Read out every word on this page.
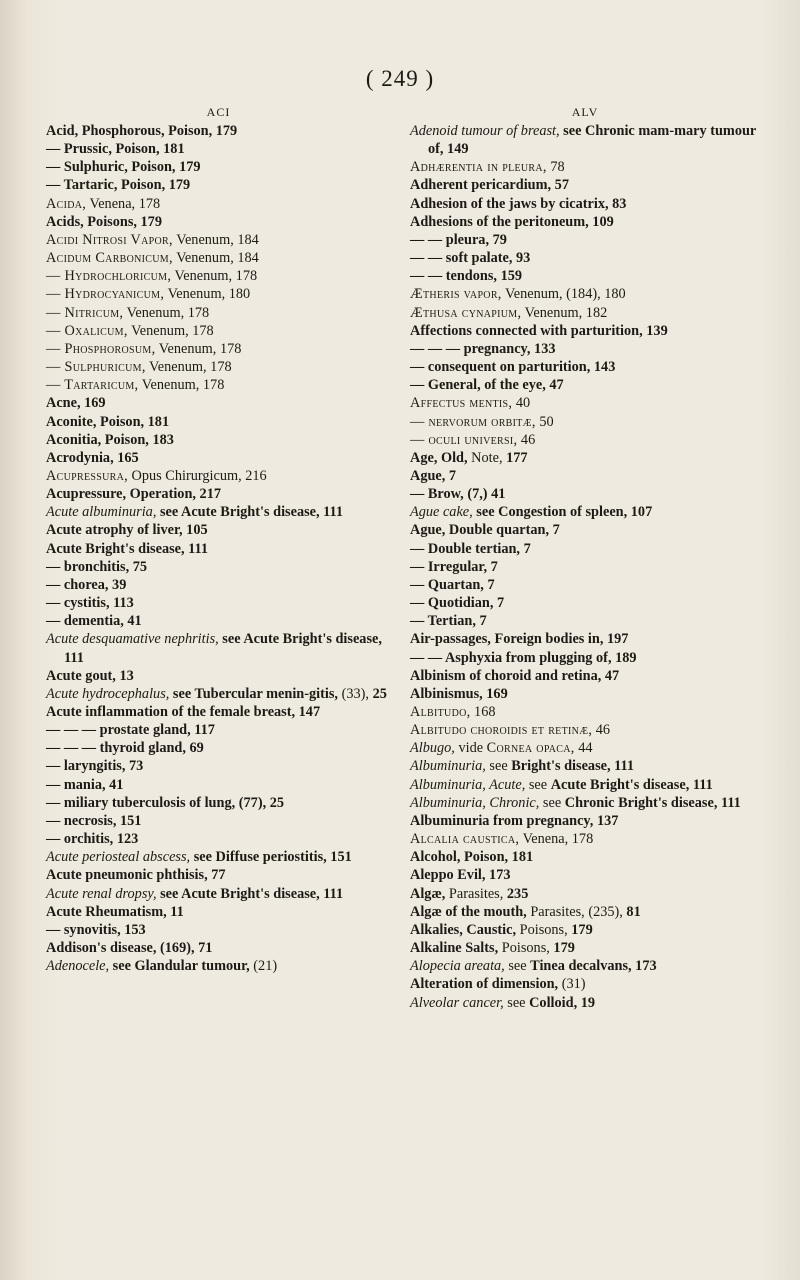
( 249 )
ACI
Acid, Phosphorous, Poison, 179
— Prussic, Poison, 181
— Sulphuric, Poison, 179
— Tartaric, Poison, 179
Acida, Venena, 178
Acids, Poisons, 179
Acidi Nitrosi Vapor, Venenum, 184
Acidum Carbonicum, Venenum, 184
— Hydrochloricum, Venenum, 178
— Hydrocyanicum, Venenum, 180
— Nitricum, Venenum, 178
— Oxalicum, Venenum, 178
— Phosphorosum, Venenum, 178
— Sulphuricum, Venenum, 178
— Tartaricum, Venenum, 178
Acne, 169
Aconite, Poison, 181
Aconitia, Poison, 183
Acrodynia, 165
Acupressura, Opus Chirurgicum, 216
Acupressure, Operation, 217
Acute albuminuria, see Acute Bright's disease, 111
Acute atrophy of liver, 105
Acute Bright's disease, 111
— bronchitis, 75
— chorea, 39
— cystitis, 113
— dementia, 41
Acute desquamative nephritis, see Acute Bright's disease, 111
Acute gout, 13
Acute hydrocephalus, see Tubercular menin-gitis, (33), 25
Acute inflammation of the female breast, 147
— — — prostate gland, 117
— — — thyroid gland, 69
— laryngitis, 73
— mania, 41
— miliary tuberculosis of lung, (77), 25
— necrosis, 151
— orchitis, 123
Acute periosteal abscess, see Diffuse periostitis, 151
Acute pneumonic phthisis, 77
Acute renal dropsy, see Acute Bright's disease, 111
Acute Rheumatism, 11
— synovitis, 153
Addison's disease, (169), 71
Adenocele, see Glandular tumour, (21)
ALV
Adenoid tumour of breast, see Chronic mam-mary tumour of, 149
Adhærentia in pleura, 78
Adherent pericardium, 57
Adhesion of the jaws by cicatrix, 83
Adhesions of the peritoneum, 109
— — pleura, 79
— — soft palate, 93
— — tendons, 159
Ætheris vapor, Venenum, (184), 180
Æthusa cynapium, Venenum, 182
Affections connected with parturition, 139
— — — pregnancy, 133
— consequent on parturition, 143
— General, of the eye, 47
Affectus mentis, 40
— nervorum orbitæ, 50
— oculi universi, 46
Age, Old, Note, 177
Ague, 7
— Brow, (7,) 41
Ague cake, see Congestion of spleen, 107
Ague, Double quartan, 7
— Double tertian, 7
— Irregular, 7
— Quartan, 7
— Quotidian, 7
— Tertian, 7
Air-passages, Foreign bodies in, 197
— — Asphyxia from plugging of, 189
Albinism of choroid and retina, 47
Albinismus, 169
Albitudo, 168
Albitudo choroidis et retinæ, 46
Albugo, vide Cornea opaca, 44
Albuminuria, see Bright's disease, 111
Albuminuria, Acute, see Acute Bright's disease, 111
Albuminuria, Chronic, see Chronic Bright's disease, 111
Albuminuria from pregnancy, 137
Alcalia caustica, Venena, 178
Alcohol, Poison, 181
Aleppo Evil, 173
Algæ, Parasites, 235
Algæ of the mouth, Parasites, (235), 81
Alkalies, Caustic, Poisons, 179
Alkaline Salts, Poisons, 179
Alopecia areata, see Tinea decalvans, 173
Alteration of dimension, (31)
Alveolar cancer, see Colloid, 19
